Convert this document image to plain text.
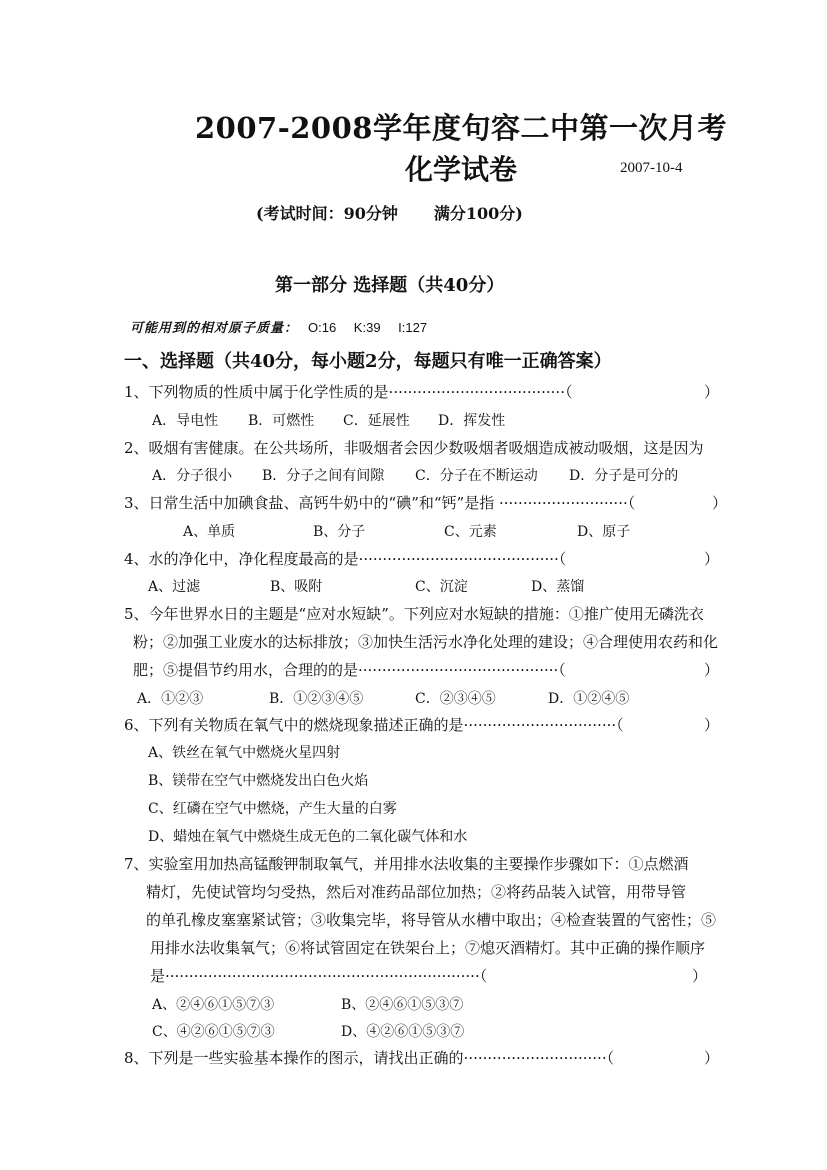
2007-2008学年度句容二中第一次月考
化学试卷	2007-10-4
(考试时间：90分钟 满分100分)
第一部分 选择题（共40分）
可能用到的相对原子质量： O:16 K:39 I:127
一、选择题（共40分，每小题2分，每题只有唯一正确答案）
1、下列物质的性质中属于化学性质的是·····································（	）
A．导电性 B．可燃性 C．延展性 D．挥发性
2、吸烟有害健康。在公共场所，非吸烟者会因少数吸烟者吸烟造成被动吸烟，这是因为
A．分子很小 B．分子之间有间隙 C．分子在不断运动 D．分子是可分的
3、日常生活中加碘食盐、高钙牛奶中的“碘”和“钙”是指 ···························（	）
A、单质	B、分子	C、元素	D、原子
4、水的净化中，净化程度最高的是··········································（	）
A、过滤	B、吸附	C、沉淀	D、蒸馏
5、今年世界水日的主题是“应对水短缺”。下列应对水短缺的措施：①推广使用无磷洗衣
粉；②加强工业废水的达标排放；③加快生活污水净化处理的建设；④合理使用农药和化
肥；⑤提倡节约用水，合理的的是··········································（	）
A．①②③	B．①②③④⑤	C．②③④⑤	D．①②④⑤
6、下列有关物质在氧气中的燃烧现象描述正确的是································（	）
A、铁丝在氧气中燃烧火星四射
B、镁带在空气中燃烧发出白色火焰
C、红磷在空气中燃烧，产生大量的白雾
D、蜡烛在氧气中燃烧生成无色的二氧化碳气体和水
7、实验室用加热高锰酸钾制取氧气，并用排水法收集的主要操作步骤如下：①点燃酒
精灯，先使试管均匀受热，然后对准药品部位加热；②将药品装入试管，用带导管
的单孔橡皮塞塞紧试管；③收集完毕，将导管从水槽中取出；④检查装置的气密性；⑤
用排水法收集氧气；⑥将试管固定在铁架台上；⑦熄灭酒精灯。其中正确的操作顺序
是··································································（	）
A、②④⑥①⑤⑦③	B、②④⑥①⑤③⑦
C、④②⑥①⑤⑦③	D、④②⑥①⑤③⑦
8、下列是一些实验基本操作的图示，请找出正确的······························（	）
